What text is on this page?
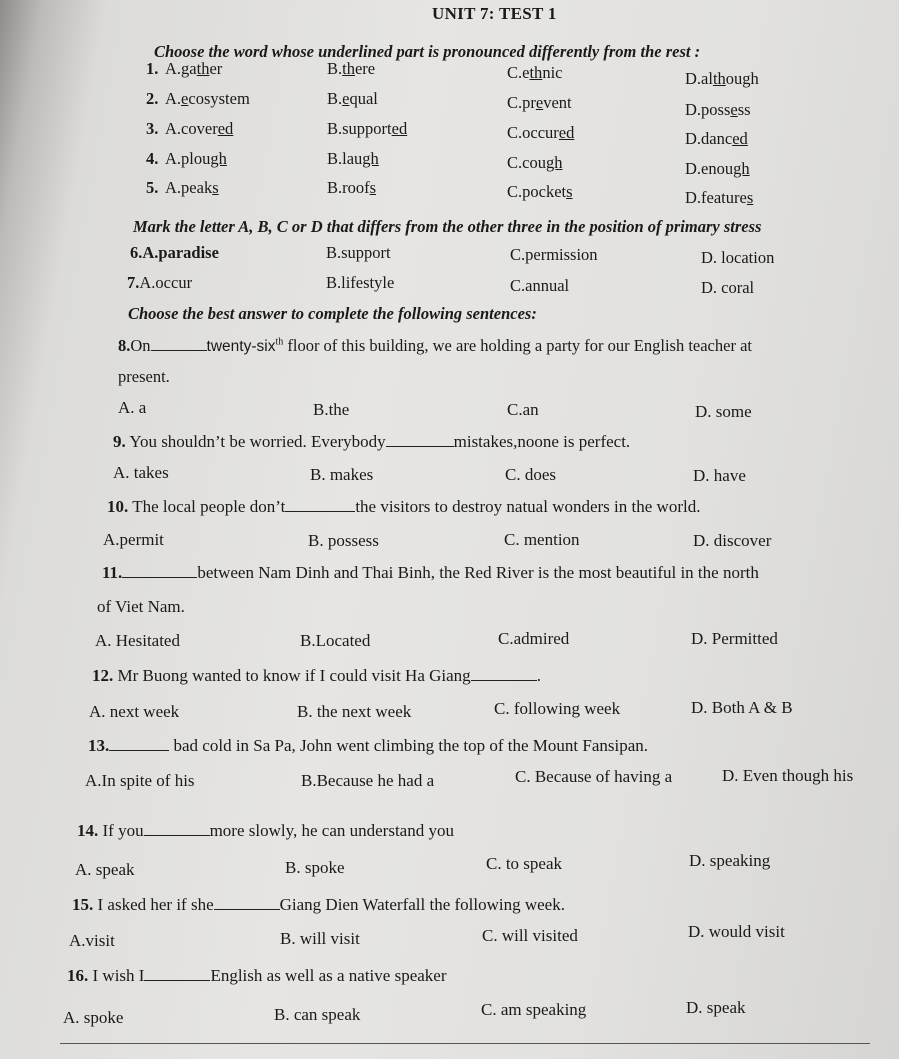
UNIT 7: TEST 1
Choose the word whose underlined part is pronounced differently from the rest :
1. A.gather	B.there	C.ethnic	D.although
2. A.ecosystem	B.equal	C.prevent	D.possess
3. A.covered	B.supported	C.occured	D.danced
4. A.plough	B.laugh	C.cough	D.enough
5. A.peaks	B.roofs	C.pockets	D.features
Mark the letter A, B, C or D that differs from the other three in the position of primary stress
6.A.paradise	B.support	C.permission	D. location
7.A.occur	B.lifestyle	C.annual	D. coral
Choose the best answer to complete the following sentences:
8.On	twenty-six$^{th}$ floor of this building, we are holding a party for our English teacher at
present.
A. a	B.the	C.an	D. some
9. You shouldn’t be worried. Everybody	mistakes,noone is perfect.
A. takes	B. makes	C. does	D. have
10. The local people don’t	the visitors to destroy natual wonders in the world.
A.permit	B. possess	C. mention	D. discover
11.	between Nam Dinh and Thai Binh, the Red River is the most beautiful in the north
of Viet Nam.
A. Hesitated	B.Located	C.admired	D. Permitted
12. Mr Buong wanted to know if I could visit Ha Giang	.
A. next week	B. the next week	C. following week	D. Both A & B
13.	bad cold in Sa Pa, John went climbing the top of the Mount Fansipan.
A.In spite of his	B.Because he had a	C. Because of having a	D. Even though his
14. If you	more slowly, he can understand you
A. speak	B. spoke	C. to speak	D. speaking
15. I asked her if she	Giang Dien Waterfall the following week.
A.visit	B. will visit	C. will visited	D. would visit
16. I wish I	English as well as a native speaker
A. spoke	B. can speak	C. am speaking	D. speak
